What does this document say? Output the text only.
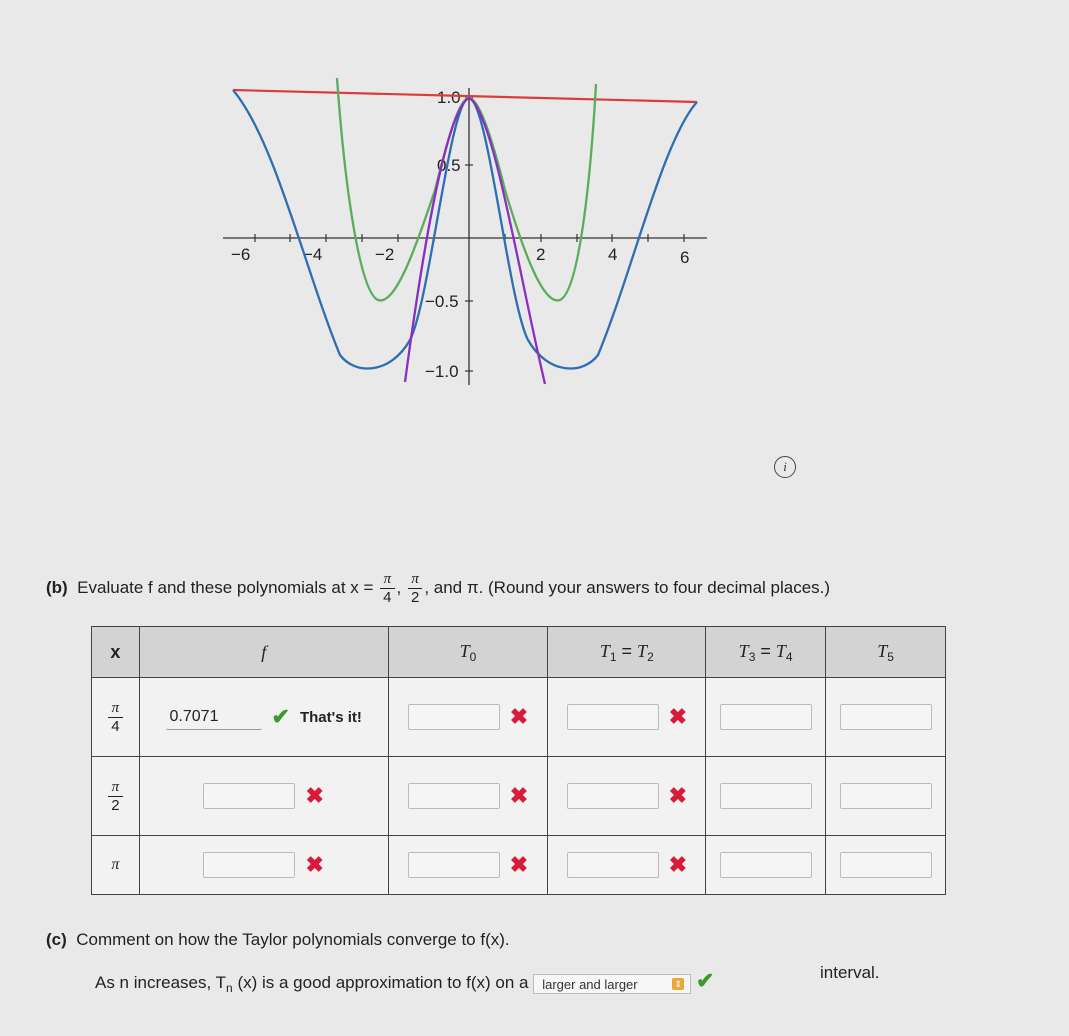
−6	−4	−2	2	4	6
1.0
0.5
−0.5
−1.0
i
(b) Evaluate f and these polynomials at $x = \frac{\pi}{4}$ , $\frac{\pi}{2}$ , and π. (Round your answers to four decimal places.)
x	f	$T_0$	$T_1 = T_2$	$T_3 = T_4$	$T_5$

$\frac{\pi}{4}$	0.7071 ✔ That's it!	✖	✖		

$\frac{\pi}{2}$	✖	✖	✖		

π	✖	✖	✖		

(c) Comment on how the Taylor polynomials converge to f(x).
As n increases, $T_n$ (x) is a good approximation to f(x) on a larger and larger	⇕ ✔	interval.
